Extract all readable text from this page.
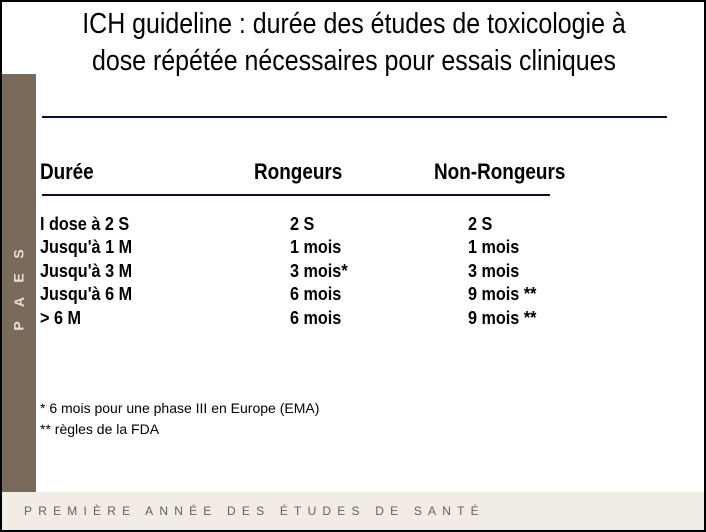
ICH guideline : durée des études de toxicologie à
dose répétée nécessaires pour essais cliniques
P
A
E
S
Durée	Rongeurs	Non-Rongeurs
I dose à 2 S	2 S	2 S
Jusqu'à 1 M	1 mois	1 mois
Jusqu'à 3 M	3 mois*	3 mois
Jusqu'à 6 M	6 mois	9 mois **
> 6 M	6 mois	9 mois **
* 6 mois pour une phase III en Europe (EMA)
** règles de la FDA
PREMIÈRE ANNÉE DES ÉTUDES DE SANTÉ
